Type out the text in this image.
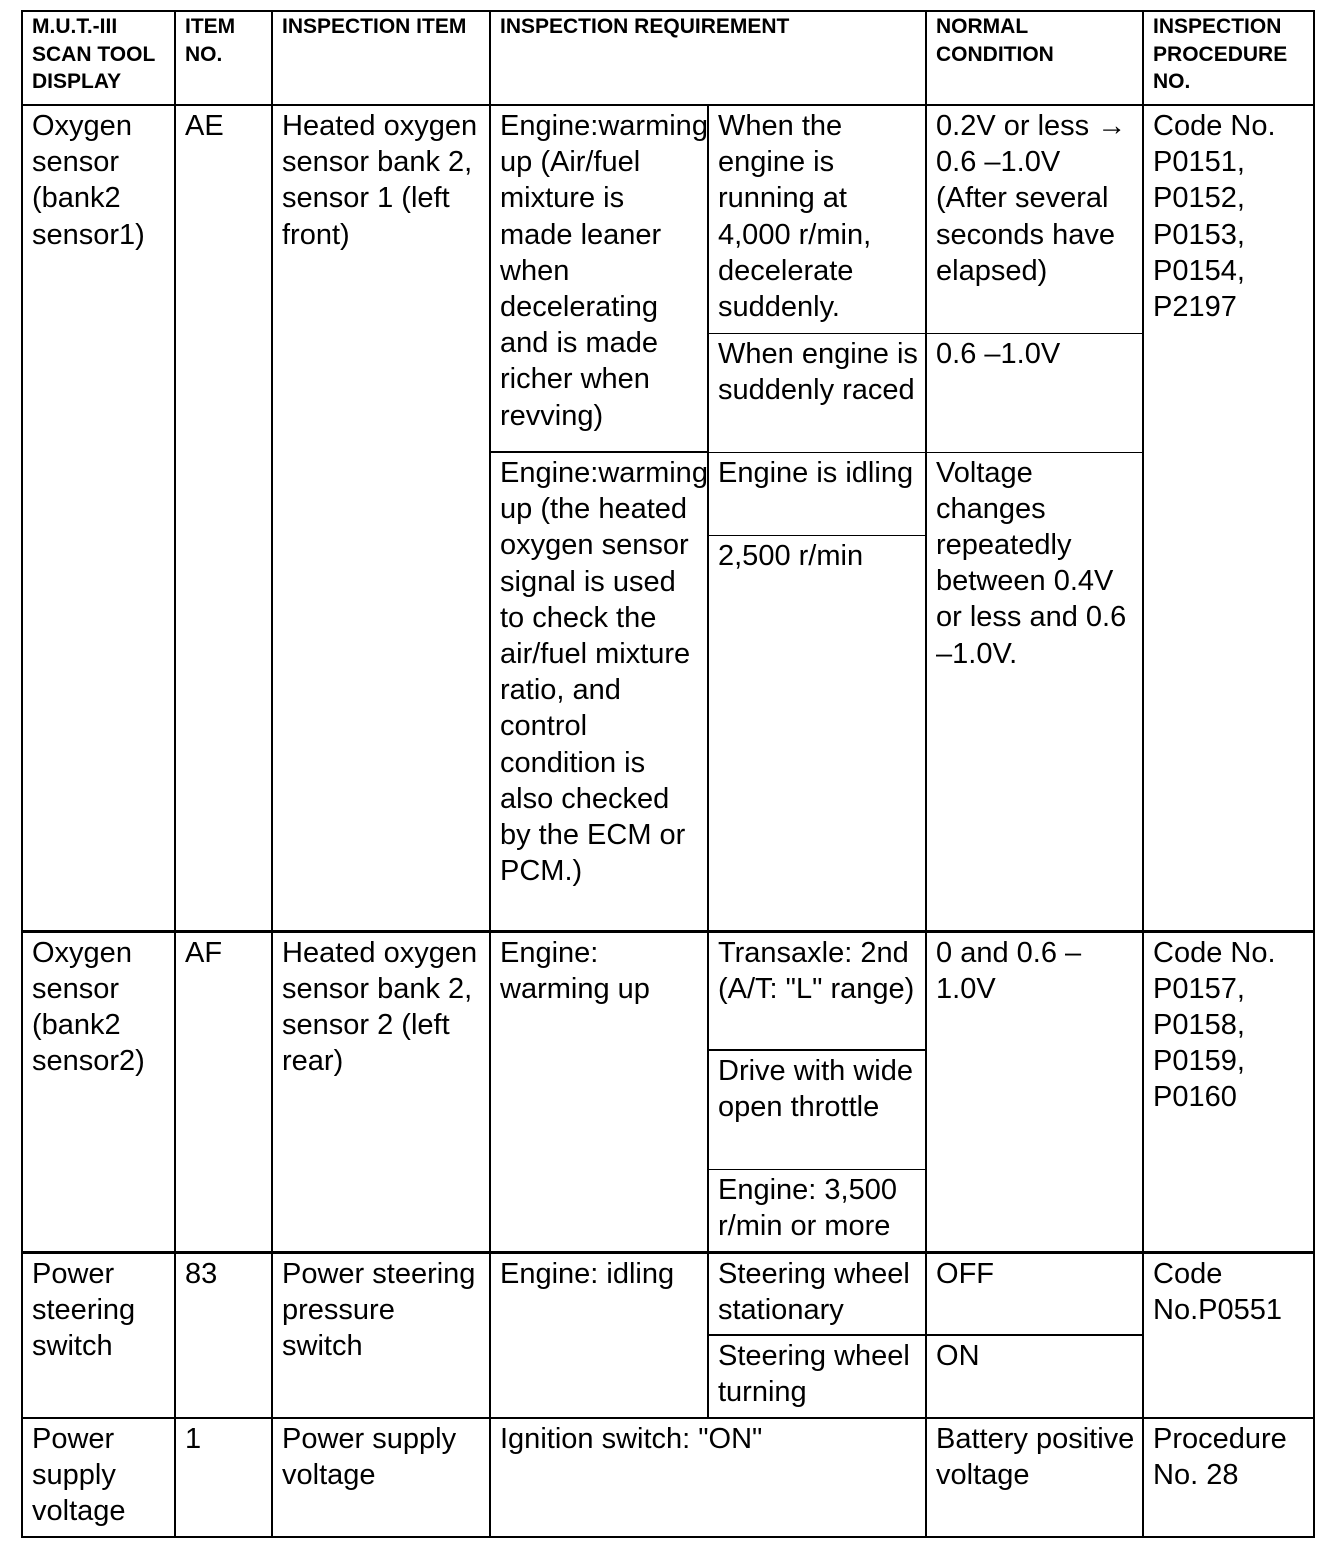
M.U.T.-III SCAN TOOL DISPLAY	ITEM NO.	INSPECTION ITEM	INSPECTION REQUIREMENT		NORMAL CONDITION	INSPECTION PROCEDURE NO.
Oxygen sensor (bank2 sensor1)	AE	Heated oxygen sensor bank 2, sensor 1 (left front)	Engine:warming up (Air/fuel mixture is made leaner when decelerating and is made richer when revving)	When the engine is running at 4,000 r/min, decelerate suddenly.	0.2V or less → 0.6 –1.0V (After several seconds have elapsed)	Code No. P0151, P0152, P0153, P0154, P2197
				When engine is suddenly raced	0.6 –1.0V	
			Engine:warming up (the heated oxygen sensor signal is used to check the air/fuel mixture ratio, and control condition is also checked by the ECM or PCM.)	Engine is idling	Voltage changes repeatedly between 0.4V or less and 0.6 –1.0V.	
				2,500 r/min		

Oxygen sensor (bank2 sensor2)	AF	Heated oxygen sensor bank 2, sensor 2 (left rear)	Engine: warming up	Transaxle: 2nd (A/T: "L" range)	0 and 0.6 – 1.0V	Code No. P0157, P0158, P0159, P0160
				Drive with wide open throttle		
				Engine: 3,500 r/min or more		
Power steering switch	83	Power steering pressure switch	Engine: idling	Steering wheel stationary	OFF	Code No.P0551
				Steering wheel turning	ON	
Power supply voltage	1	Power supply voltage	Ignition switch: "ON"		Battery positive voltage	Procedure No. 28
